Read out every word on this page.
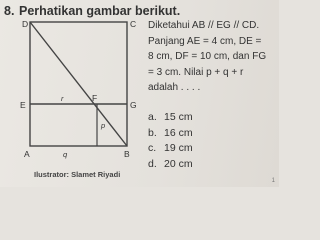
8. Perhatikan gambar berikut.
D	C
E
F
G
A	B
r
p
q
Ilustrator: Slamet Riyadi
Diketahui AB // EG // CD.
Panjang AE = 4 cm, DE =
8 cm, DF = 10 cm, dan FG
= 3 cm. Nilai p + q + r
adalah . . . .
a. 15 cm
b. 16 cm
c. 19 cm
d. 20 cm
1
